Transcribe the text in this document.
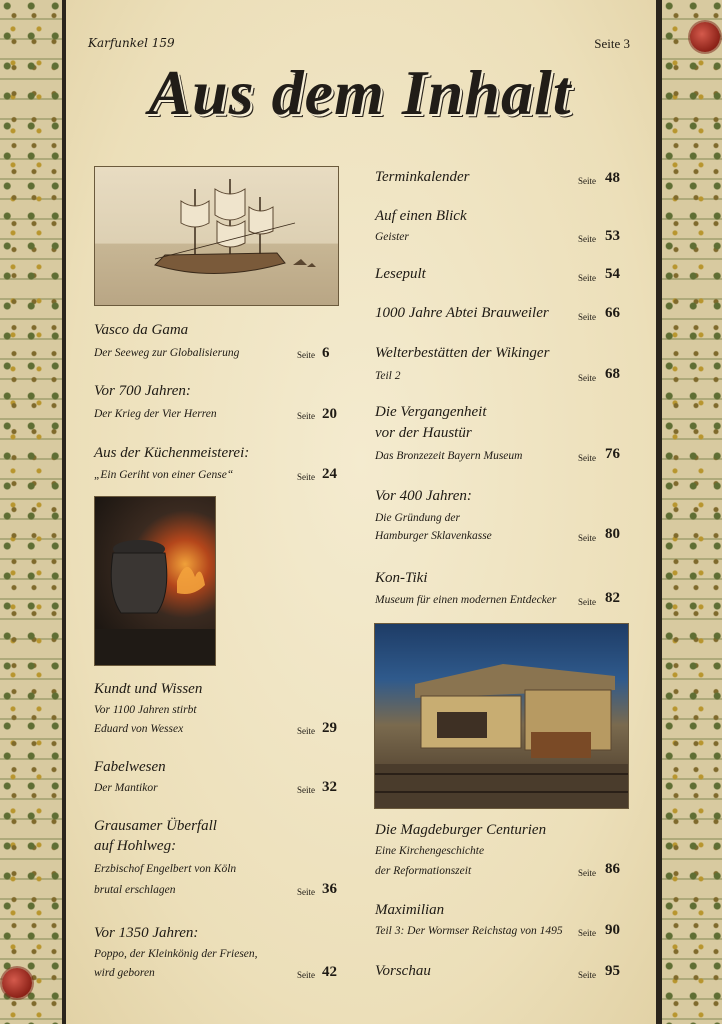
Karfunkel 159	Seite 3
Aus dem Inhalt
Vasco da Gama
Der Seeweg zur Globalisierung	Seite 6
Vor 700 Jahren:
Der Krieg der Vier Herren	Seite 20
Aus der Küchenmeisterei:
„Ein Geriht von einer Gense“	Seite 24
Kundt und Wissen
Vor 1100 Jahren stirbt
Eduard von Wessex	Seite 29
Fabelwesen
Der Mantikor	Seite 32
Grausamer Überfall
auf Hohlweg:
Erzbischof Engelbert von Köln
brutal erschlagen	Seite 36
Vor 1350 Jahren:
Poppo, der Kleinkönig der Friesen,
wird geboren	Seite 42
Terminkalender	Seite 48
Auf einen Blick
Geister	Seite 53
Lesepult	Seite 54
1000 Jahre Abtei Brauweiler	Seite 66
Welterbestätten der Wikinger
Teil 2	Seite 68
Die Vergangenheit
vor der Haustür
Das Bronzezeit Bayern Museum	Seite 76
Vor 400 Jahren:
Die Gründung der
Hamburger Sklavenkasse	Seite 80
Kon-Tiki
Museum für einen modernen Entdecker Seite 82
Die Magdeburger Centurien
Eine Kirchengeschichte
der Reformationszeit	Seite 86
Maximilian
Teil 3: Der Wormser Reichstag von 1495 Seite 90
Vorschau	Seite 95
